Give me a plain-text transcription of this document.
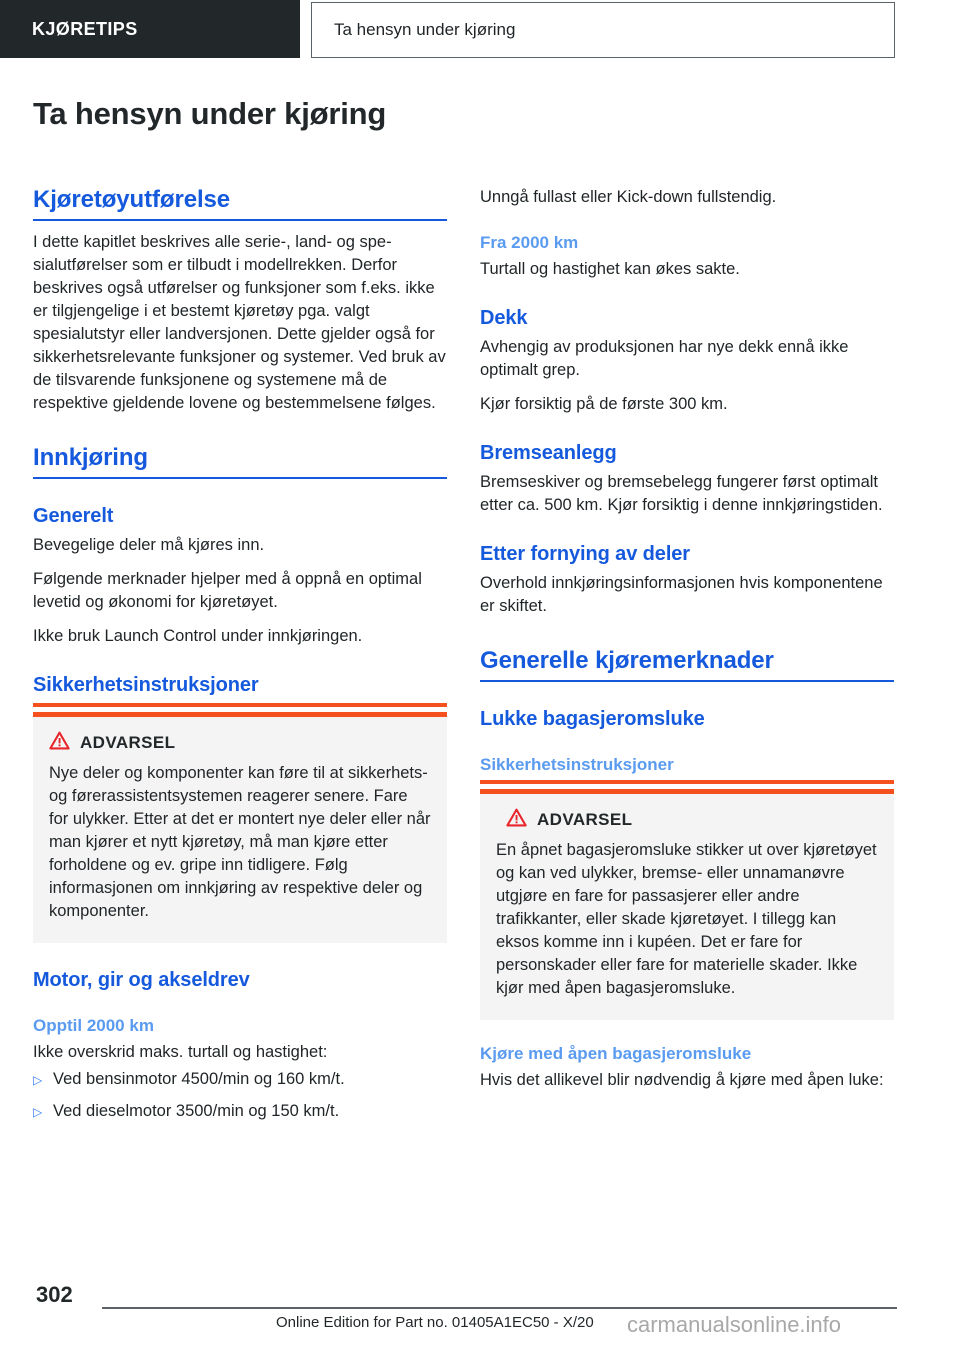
KJØRETIPS	Ta hensyn under kjøring
Ta hensyn under kjøring
Kjøretøyutførelse

I dette kapitlet beskrives alle serie-, land- og spe-sialutførelser som er tilbudt i modellrekken. Derfor beskrives også utførelser og funksjoner som f.eks. ikke er tilgjengelige i et bestemt kjøretøy pga. valgt spesialutstyr eller landversjonen. Dette gjelder også for sikkerhetsrelevante funksjoner og systemer. Ved bruk av de tilsvarende funksjonene og systemene må de respektive gjeldende lovene og bestemmelsene følges.

Innkjøring
Generelt

Bevegelige deler må kjøres inn.

Følgende merknader hjelper med å oppnå en optimal levetid og økonomi for kjøretøyet.

Ikke bruk Launch Control under innkjøringen.

Sikkerhetsinstruksjoner
ADVARSEL

Nye deler og komponenter kan føre til at sikkerhets- og førerassistentsystemen reagerer senere. Fare for ulykker. Etter at det er montert nye deler eller når man kjører et nytt kjøretøy, må man kjøre etter forholdene og ev. gripe inn tidligere. Følg informasjonen om innkjøring av respektive deler og komponenter.

Motor, gir og akseldrev
Opptil 2000 km

Ikke overskrid maks. turtall og hastighet:

▷ Ved bensinmotor 4500/min og 160 km/t.
▷ Ved dieselmotor 3500/min og 150 km/t.

Unngå fullast eller Kick-down fullstendig.

Fra 2000 km

Turtall og hastighet kan økes sakte.

Dekk

Avhengig av produksjonen har nye dekk ennå ikke optimalt grep.

Kjør forsiktig på de første 300 km.

Bremseanlegg

Bremseskiver og bremsebelegg fungerer først optimalt etter ca. 500 km. Kjør forsiktig i denne innkjøringstiden.

Etter fornying av deler

Overhold innkjøringsinformasjonen hvis komponentene er skiftet.

Generelle kjøremerknader
Lukke bagasjeromsluke
Sikkerhetsinstruksjoner
ADVARSEL

En åpnet bagasjeromsluke stikker ut over kjøretøyet og kan ved ulykker, bremse- eller unnamanøvre utgjøre en fare for passasjerer eller andre trafikkanter, eller skade kjøretøyet. I tillegg kan eksos komme inn i kupéen. Det er fare for personskader eller fare for materielle skader. Ikke kjør med åpen bagasjeromsluke.

Kjøre med åpen bagasjeromsluke

Hvis det allikevel blir nødvendig å kjøre med åpen luke:

302
Online Edition for Part no. 01405A1EC50 - X/20 carmanualsonline.info
